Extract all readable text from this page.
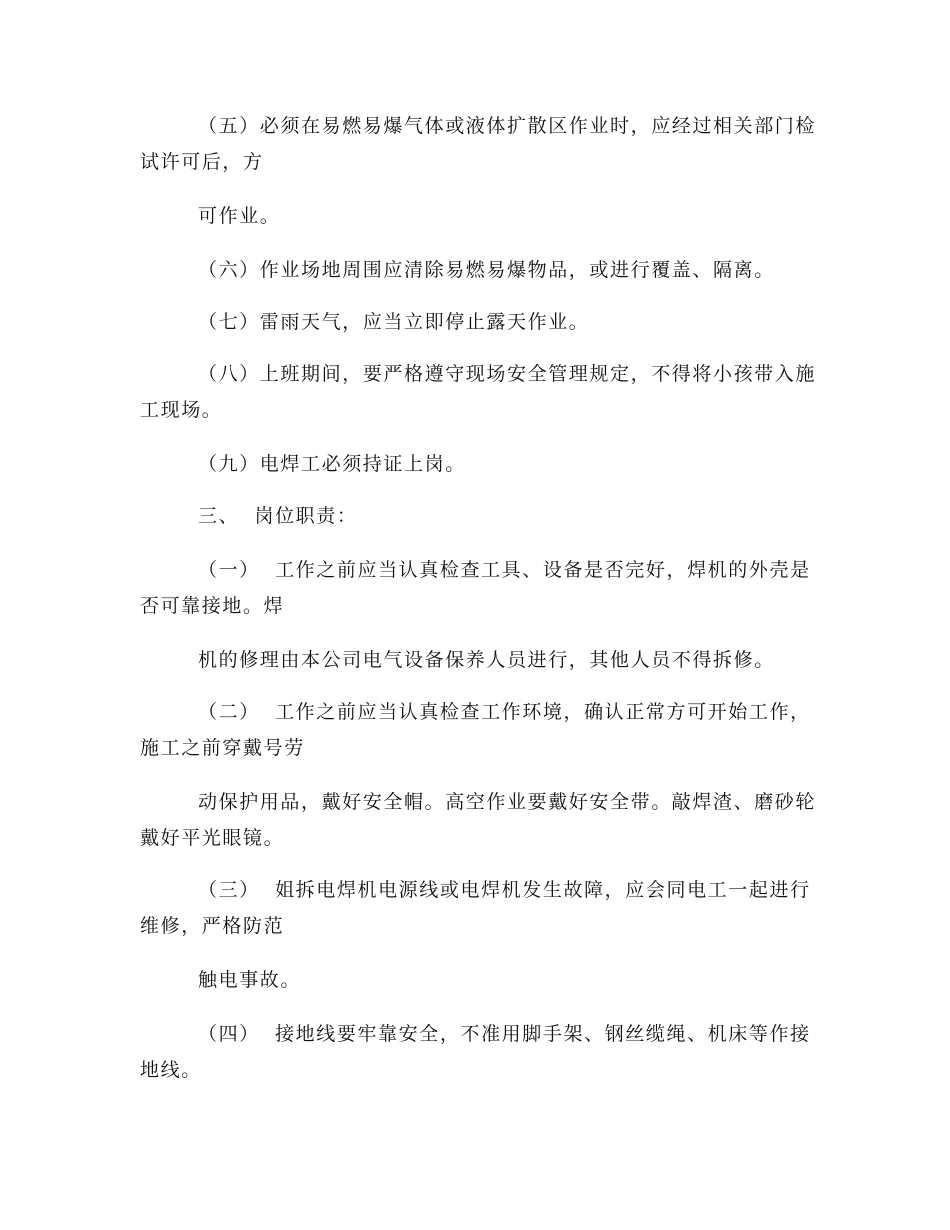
（五）必须在易燃易爆气体或液体扩散区作业时，应经过相关部门检试许可后，方

可作业。

（六）作业场地周围应清除易燃易爆物品，或进行覆盖、隔离。

（七）雷雨天气，应当立即停止露天作业。

（八）上班期间，要严格遵守现场安全管理规定，不得将小孩带入施工现场。

（九）电焊工必须持证上岗。

三、  岗位职责：

（一）  工作之前应当认真检查工具、设备是否完好，焊机的外壳是否可靠接地。焊

机的修理由本公司电气设备保养人员进行，其他人员不得拆修。

（二）  工作之前应当认真检查工作环境，确认正常方可开始工作，施工之前穿戴号劳

动保护用品，戴好安全帽。高空作业要戴好安全带。敲焊渣、磨砂轮戴好平光眼镜。

（三）  姐拆电焊机电源线或电焊机发生故障，应会同电工一起进行维修，严格防范

触电事故。

（四）  接地线要牢靠安全，不准用脚手架、钢丝缆绳、机床等作接地线。
